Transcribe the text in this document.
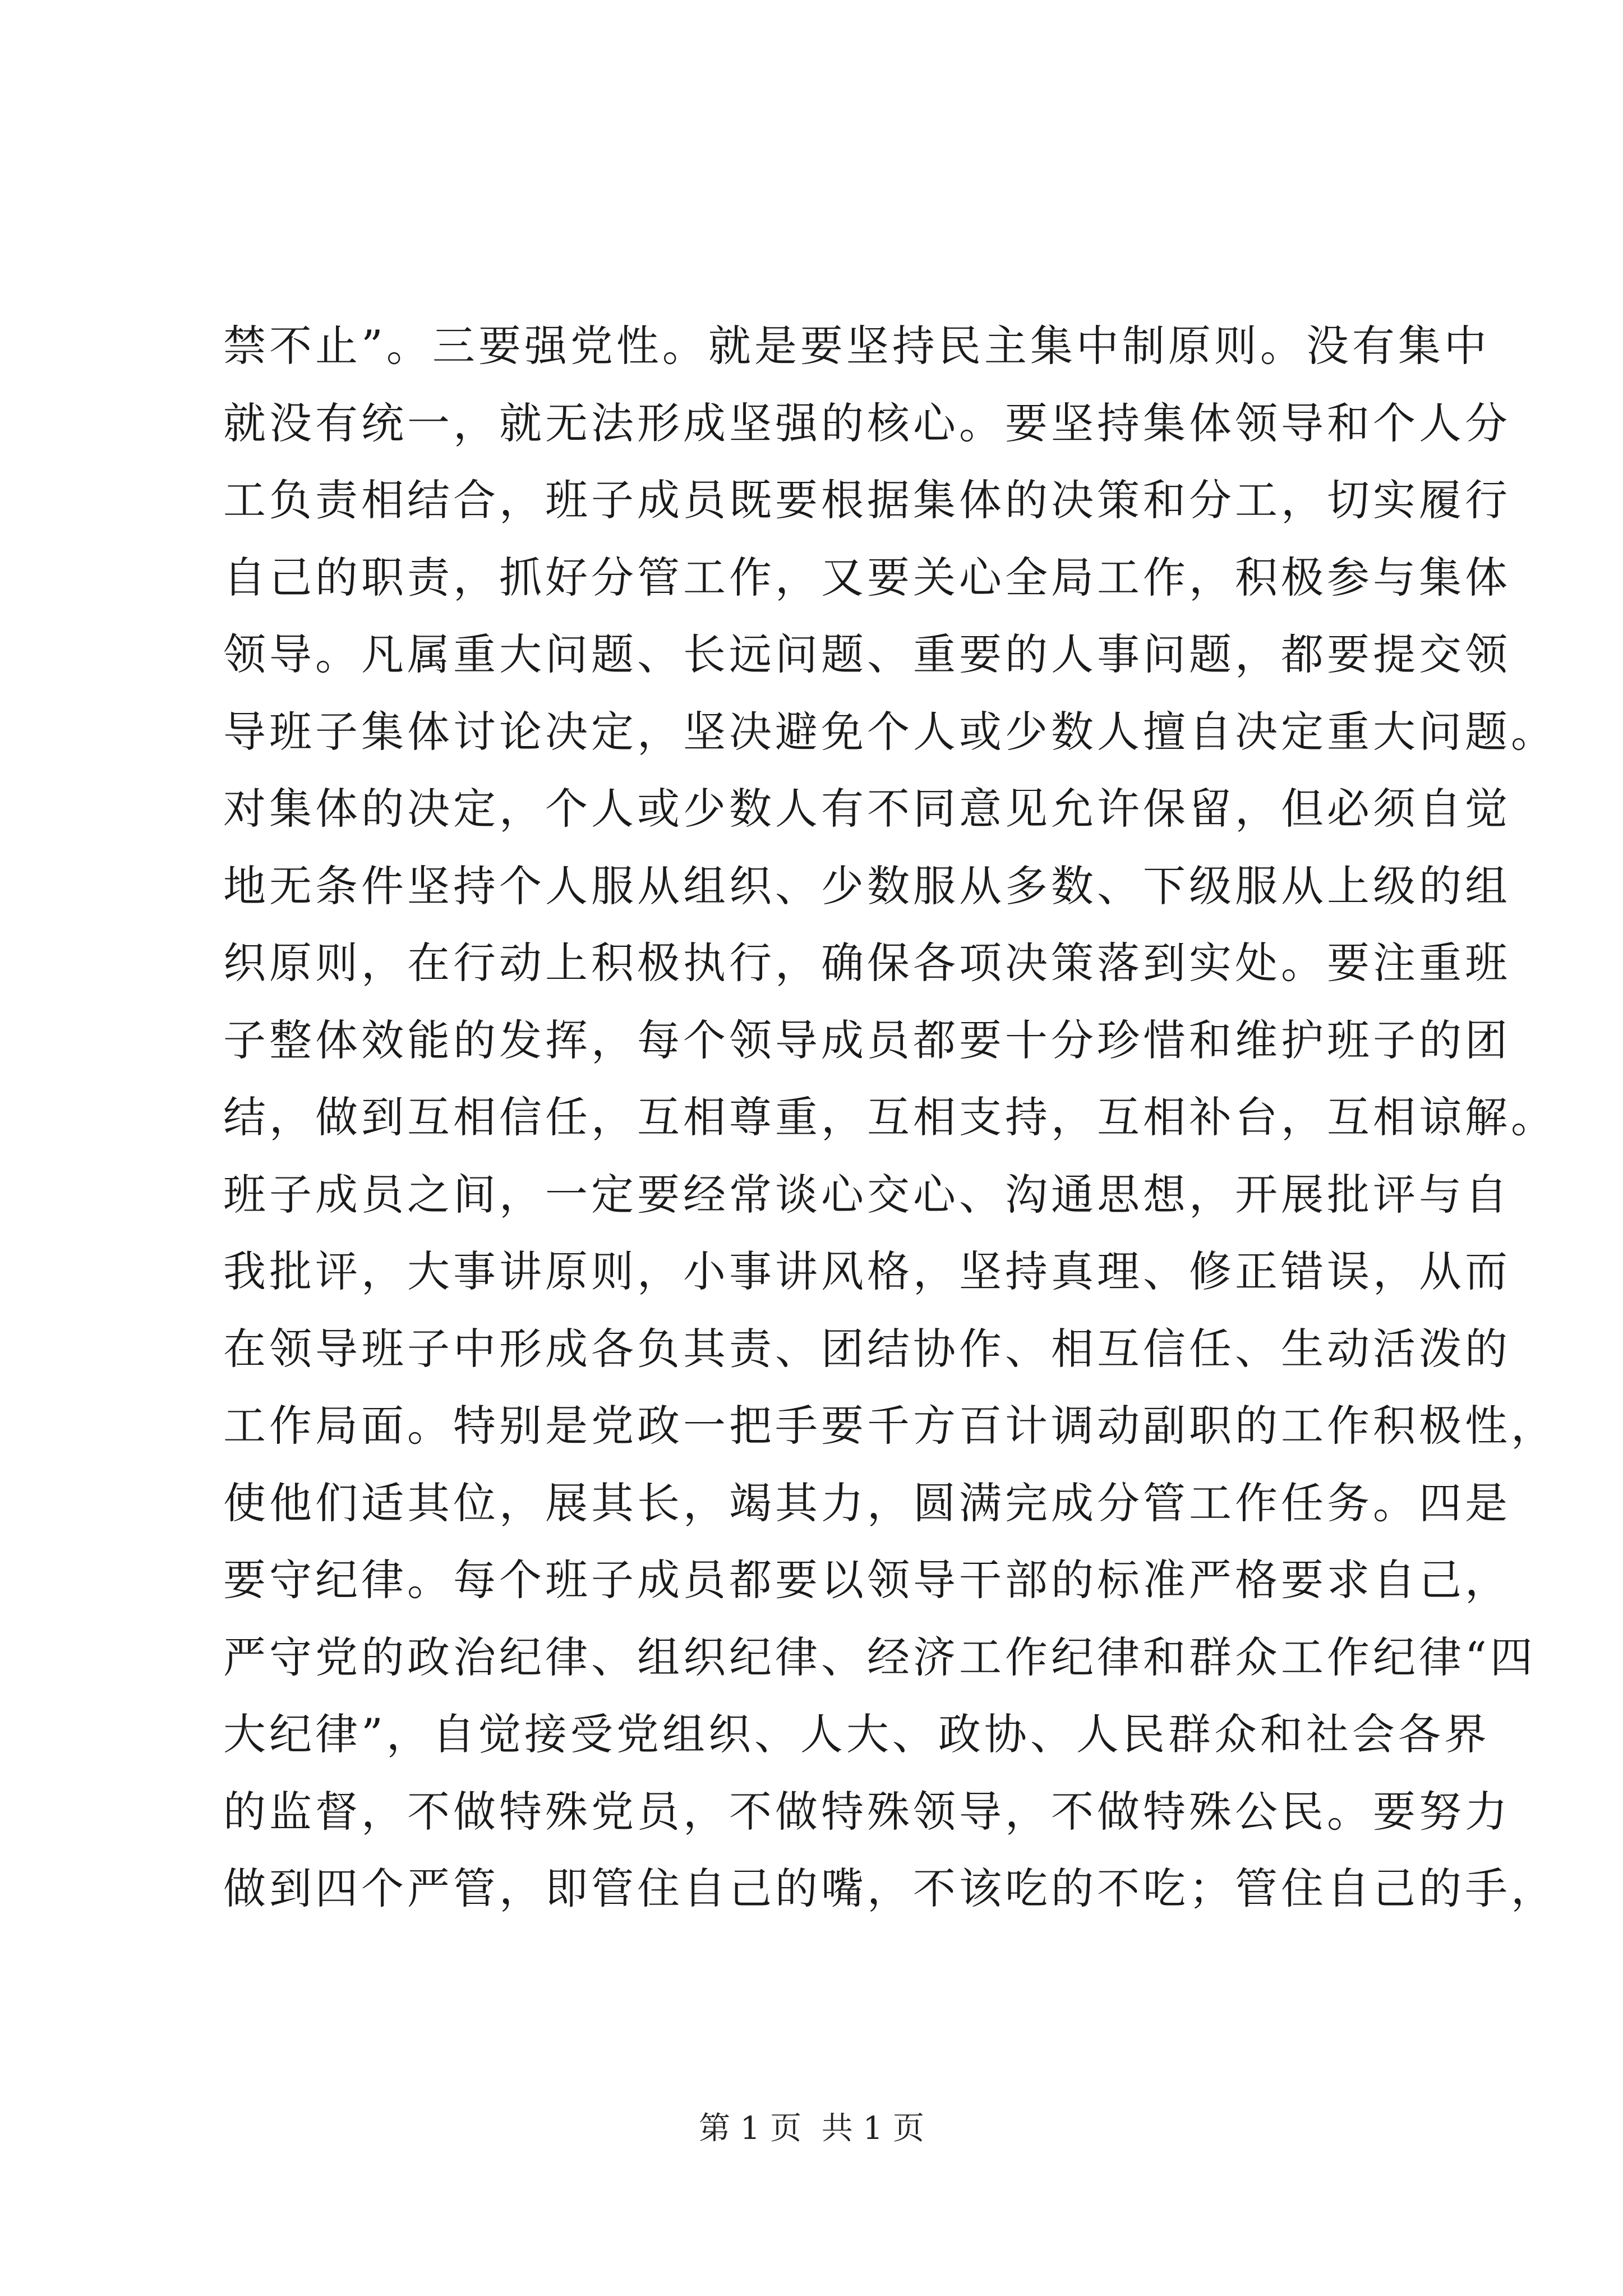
禁不止”。三要强党性。就是要坚持民主集中制原则。没有集中
就没有统一，就无法形成坚强的核心。要坚持集体领导和个人分
工负责相结合，班子成员既要根据集体的决策和分工，切实履行
自己的职责，抓好分管工作，又要关心全局工作，积极参与集体
领导。凡属重大问题、长远问题、重要的人事问题，都要提交领
导班子集体讨论决定，坚决避免个人或少数人擅自决定重大问题。
对集体的决定，个人或少数人有不同意见允许保留，但必须自觉
地无条件坚持个人服从组织、少数服从多数、下级服从上级的组
织原则，在行动上积极执行，确保各项决策落到实处。要注重班
子整体效能的发挥，每个领导成员都要十分珍惜和维护班子的团
结，做到互相信任，互相尊重，互相支持，互相补台，互相谅解。
班子成员之间，一定要经常谈心交心、沟通思想，开展批评与自
我批评，大事讲原则，小事讲风格，坚持真理、修正错误，从而
在领导班子中形成各负其责、团结协作、相互信任、生动活泼的
工作局面。特别是党政一把手要千方百计调动副职的工作积极性，
使他们适其位，展其长，竭其力，圆满完成分管工作任务。四是
要守纪律。每个班子成员都要以领导干部的标准严格要求自己，
严守党的政治纪律、组织纪律、经济工作纪律和群众工作纪律“四
大纪律”，自觉接受党组织、人大、政协、人民群众和社会各界
的监督，不做特殊党员，不做特殊领导，不做特殊公民。要努力
做到四个严管，即管住自己的嘴，不该吃的不吃；管住自己的手，
第 1 页  共 1 页
